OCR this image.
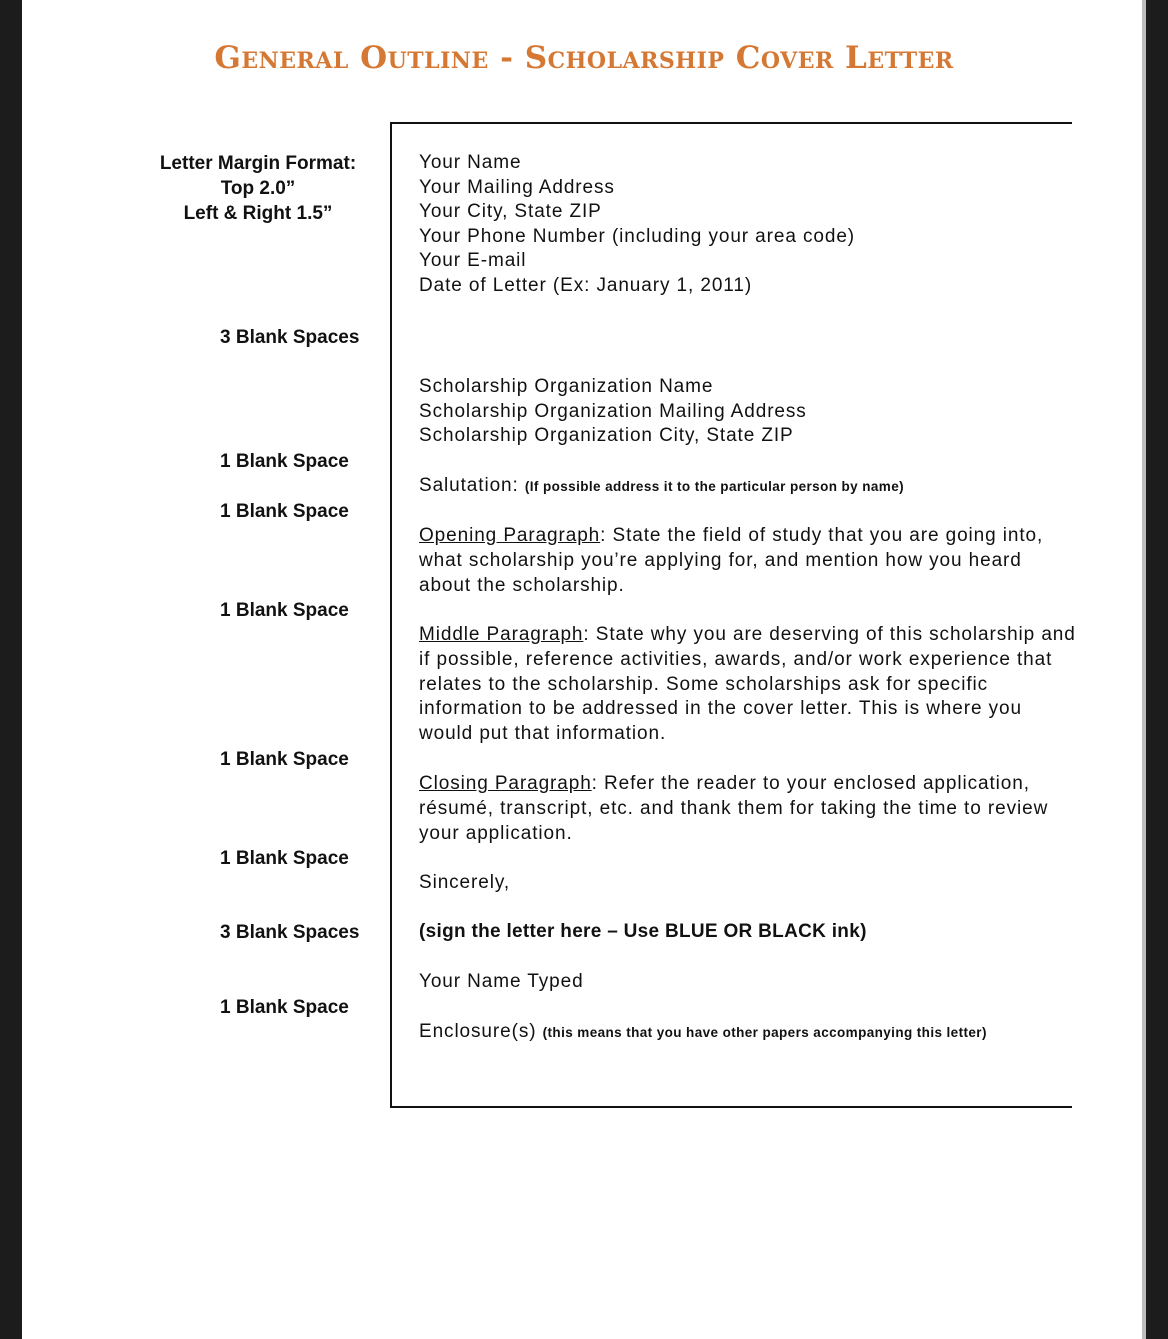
General Outline - Scholarship Cover Letter
Letter Margin Format:
Top 2.0”
Left & Right 1.5”
3 Blank Spaces
1 Blank Space
1 Blank Space
1 Blank Space
1 Blank Space
1 Blank Space
3 Blank Spaces
1 Blank Space
Your Name
Your Mailing Address
Your City, State ZIP
Your Phone Number (including your area code)
Your E-mail
Date of Letter (Ex: January 1, 2011)
Scholarship Organization Name
Scholarship Organization Mailing Address
Scholarship Organization City, State ZIP
Salutation: (If possible address it to the particular person by name)
Opening Paragraph: State the field of study that you are going into, what scholarship you’re applying for, and mention how you heard about the scholarship.
Middle Paragraph: State why you are deserving of this scholarship and if possible, reference activities, awards, and/or work experience that relates to the scholarship. Some scholarships ask for specific information to be addressed in the cover letter. This is where you would put that information.
Closing Paragraph: Refer the reader to your enclosed application, résumé, transcript, etc. and thank them for taking the time to review your application.
Sincerely,
(sign the letter here – Use BLUE OR BLACK ink)
Your Name Typed
Enclosure(s) (this means that you have other papers accompanying this letter)
